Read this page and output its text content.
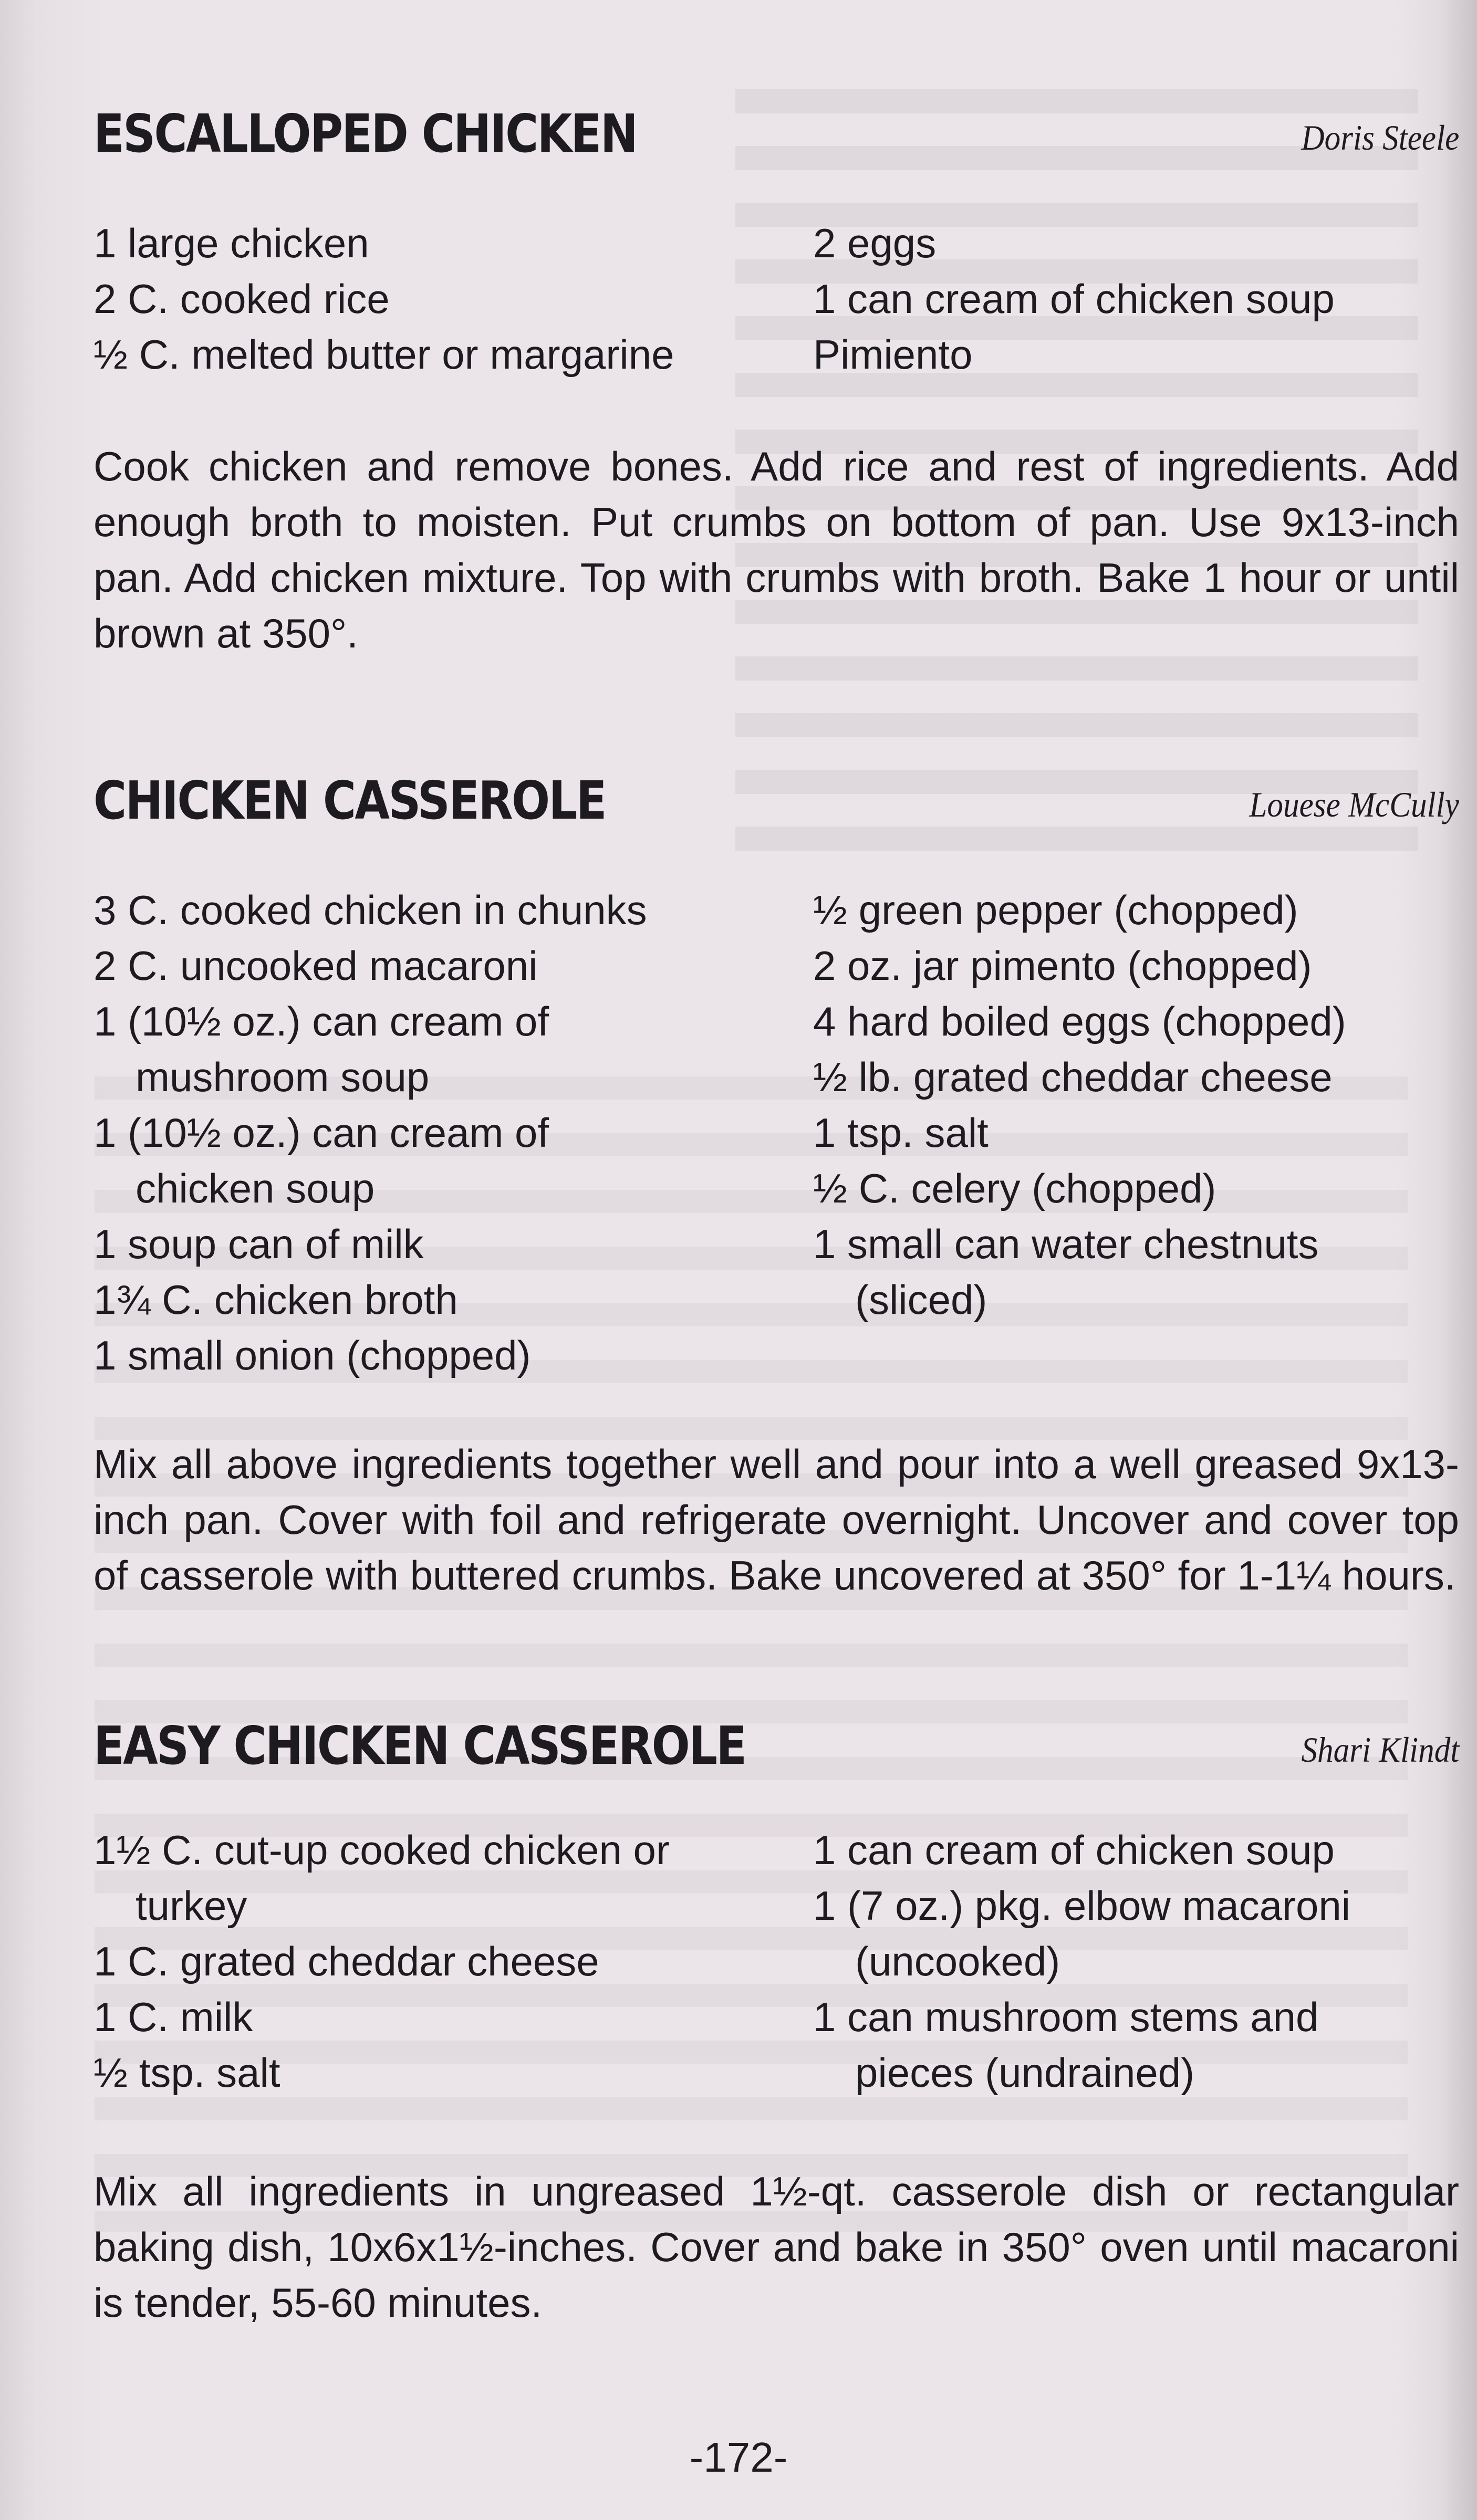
ESCALLOPED CHICKEN	Doris Steele
1 large chicken
2 C. cooked rice
½ C. melted butter or margarine
2 eggs
1 can cream of chicken soup
Pimiento

Cook chicken and remove bones. Add rice and rest of ingredients. Add enough broth to moisten. Put crumbs on bottom of pan. Use 9x13-inch pan. Add chicken mixture. Top with crumbs with broth. Bake 1 hour or until brown at 350°.

CHICKEN CASSEROLE	Louese McCully
3 C. cooked chicken in chunks
2 C. uncooked macaroni
1 (10½ oz.) can cream of mushroom soup
1 (10½ oz.) can cream of chicken soup
1 soup can of milk
1¾ C. chicken broth
1 small onion (chopped)
½ green pepper (chopped)
2 oz. jar pimento (chopped)
4 hard boiled eggs (chopped)
½ lb. grated cheddar cheese
1 tsp. salt
½ C. celery (chopped)
1 small can water chestnuts (sliced)

Mix all above ingredients together well and pour into a well greased 9x13-inch pan. Cover with foil and refrigerate overnight. Uncover and cover top of casserole with buttered crumbs. Bake uncovered at 350° for 1-1¼ hours.

EASY CHICKEN CASSEROLE	Shari Klindt
1½ C. cut-up cooked chicken or turkey
1 C. grated cheddar cheese
1 C. milk
½ tsp. salt
1 can cream of chicken soup
1 (7 oz.) pkg. elbow macaroni (uncooked)
1 can mushroom stems and pieces (undrained)

Mix all ingredients in ungreased 1½-qt. casserole dish or rectangular baking dish, 10x6x1½-inches. Cover and bake in 350° oven until macaroni is tender, 55-60 minutes.

-172-
